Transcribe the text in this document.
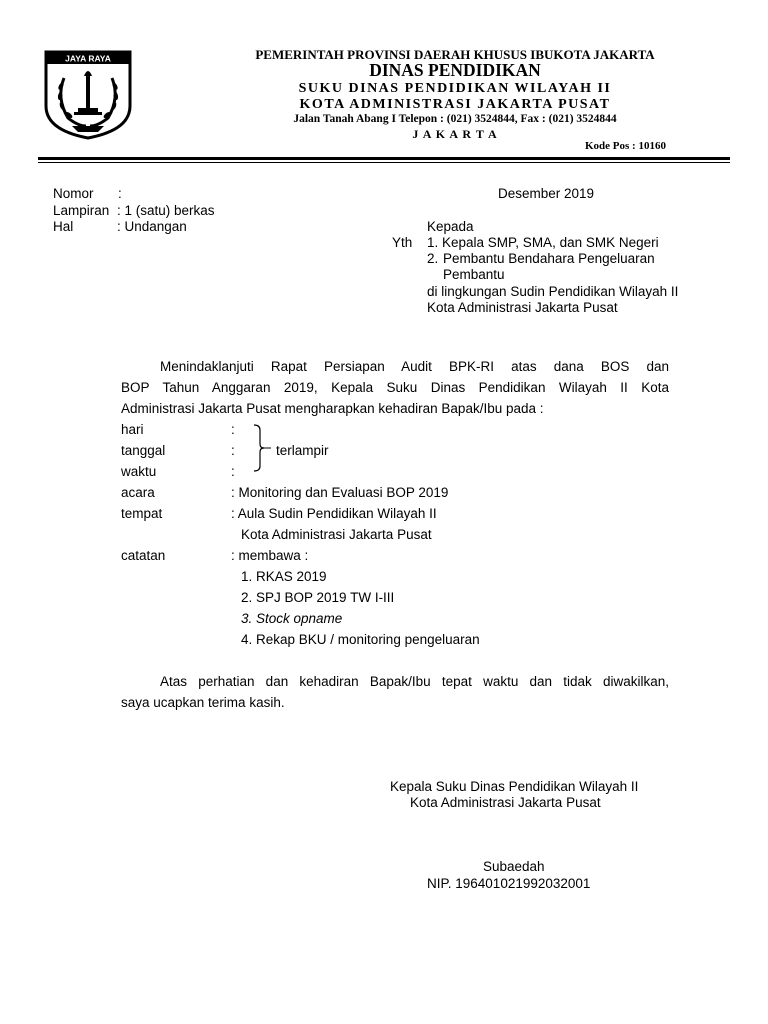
JAYA RAYA	PEMERINTAH PROVINSI DAERAH KHUSUS IBUKOTA JAKARTA
DINAS PENDIDIKAN
SUKU DINAS PENDIDIKAN WILAYAH II
KOTA ADMINISTRASI JAKARTA PUSAT
Jalan Tanah Abang I Telepon : (021) 3524844, Fax : (021) 3524844
J A K A R T A
Kode Pos : 10160
Nomor :	Desember 2019
Lampiran : 1 (satu) berkas
Hal	: Undangan	Kepada
Yth 1. Kepala SMP, SMA, dan SMK Negeri
2. Pembantu Bendahara Pengeluaran
Pembantu
di lingkungan Sudin Pendidikan Wilayah II
Kota Administrasi Jakarta Pusat
Menindaklanjuti Rapat Persiapan Audit BPK-RI atas dana BOS dan
BOP Tahun Anggaran 2019, Kepala Suku Dinas Pendidikan Wilayah II Kota
Administrasi Jakarta Pusat mengharapkan kehadiran Bapak/Ibu pada :
hari	:
tanggal	:
waktu	:
terlampir
acara	: Monitoring dan Evaluasi BOP 2019
tempat	: Aula Sudin Pendidikan Wilayah II
Kota Administrasi Jakarta Pusat
catatan	: membawa :
1. RKAS 2019
2. SPJ BOP 2019 TW I-III
3. Stock opname
4. Rekap BKU / monitoring pengeluaran
Atas perhatian dan kehadiran Bapak/Ibu tepat waktu dan tidak diwakilkan,
saya ucapkan terima kasih.
Kepala Suku Dinas Pendidikan Wilayah II
Kota Administrasi Jakarta Pusat
Subaedah
NIP. 196401021992032001
